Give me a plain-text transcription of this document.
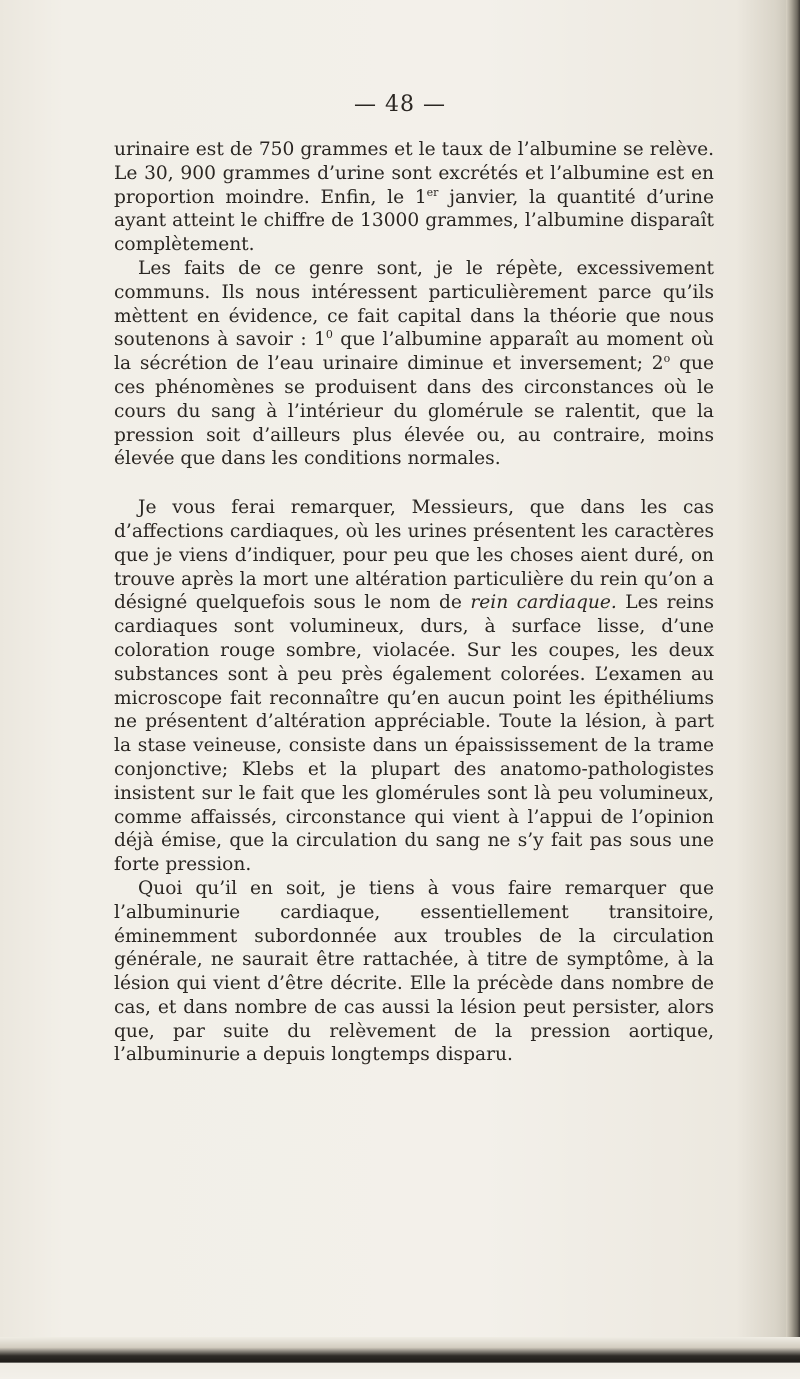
— 48 —

urinaire est de 750 grammes et le taux de l’albumine se relève. Le 30, 900 grammes d’urine sont excrétés et l’albumine est en proportion moindre. Enfin, le 1er janvier, la quantité d’urine ayant atteint le chiffre de 13000 grammes, l’albumine disparaît complètement.

Les faits de ce genre sont, je le répète, excessivement communs. Ils nous intéressent particulièrement parce qu’ils mèttent en évidence, ce fait capital dans la théorie que nous soutenons à savoir : $1^0$ que l’albumine apparaît au moment où la sécrétion de l’eau urinaire diminue et inversement; 2$^o$ que ces phénomènes se produisent dans des circonstances où le cours du sang à l’intérieur du glomérule se ralentit, que la pression soit d’ailleurs plus élevée ou, au contraire, moins élevée que dans les conditions normales.

Je vous ferai remarquer, Messieurs, que dans les cas d’affections cardiaques, où les urines présentent les caractères que je viens d’indiquer, pour peu que les choses aient duré, on trouve après la mort une altération particulière du rein qu’on a désigné quelquefois sous le nom de rein cardiaque. Les reins cardiaques sont volumineux, durs, à surface lisse, d’une coloration rouge sombre, violacée. Sur les coupes, les deux substances sont à peu près également colorées. L’examen au microscope fait reconnaître qu’en aucun point les épithéliums ne présentent d’altération appréciable. Toute la lésion, à part la stase veineuse, consiste dans un épaississement de la trame conjonctive; Klebs et la plupart des anatomo-pathologistes insistent sur le fait que les glomérules sont là peu volumineux, comme affaissés, circonstance qui vient à l’appui de l’opinion déjà émise, que la circulation du sang ne s’y fait pas sous une forte pression.

Quoi qu’il en soit, je tiens à vous faire remarquer que l’albuminurie cardiaque, essentiellement transitoire, éminemment subordonnée aux troubles de la circulation générale, ne saurait être rattachée, à titre de symptôme, à la lésion qui vient d’être décrite. Elle la précède dans nombre de cas, et dans nombre de cas aussi la lésion peut persister, alors que, par suite du relèvement de la pression aortique, l’albuminurie a depuis longtemps disparu.
